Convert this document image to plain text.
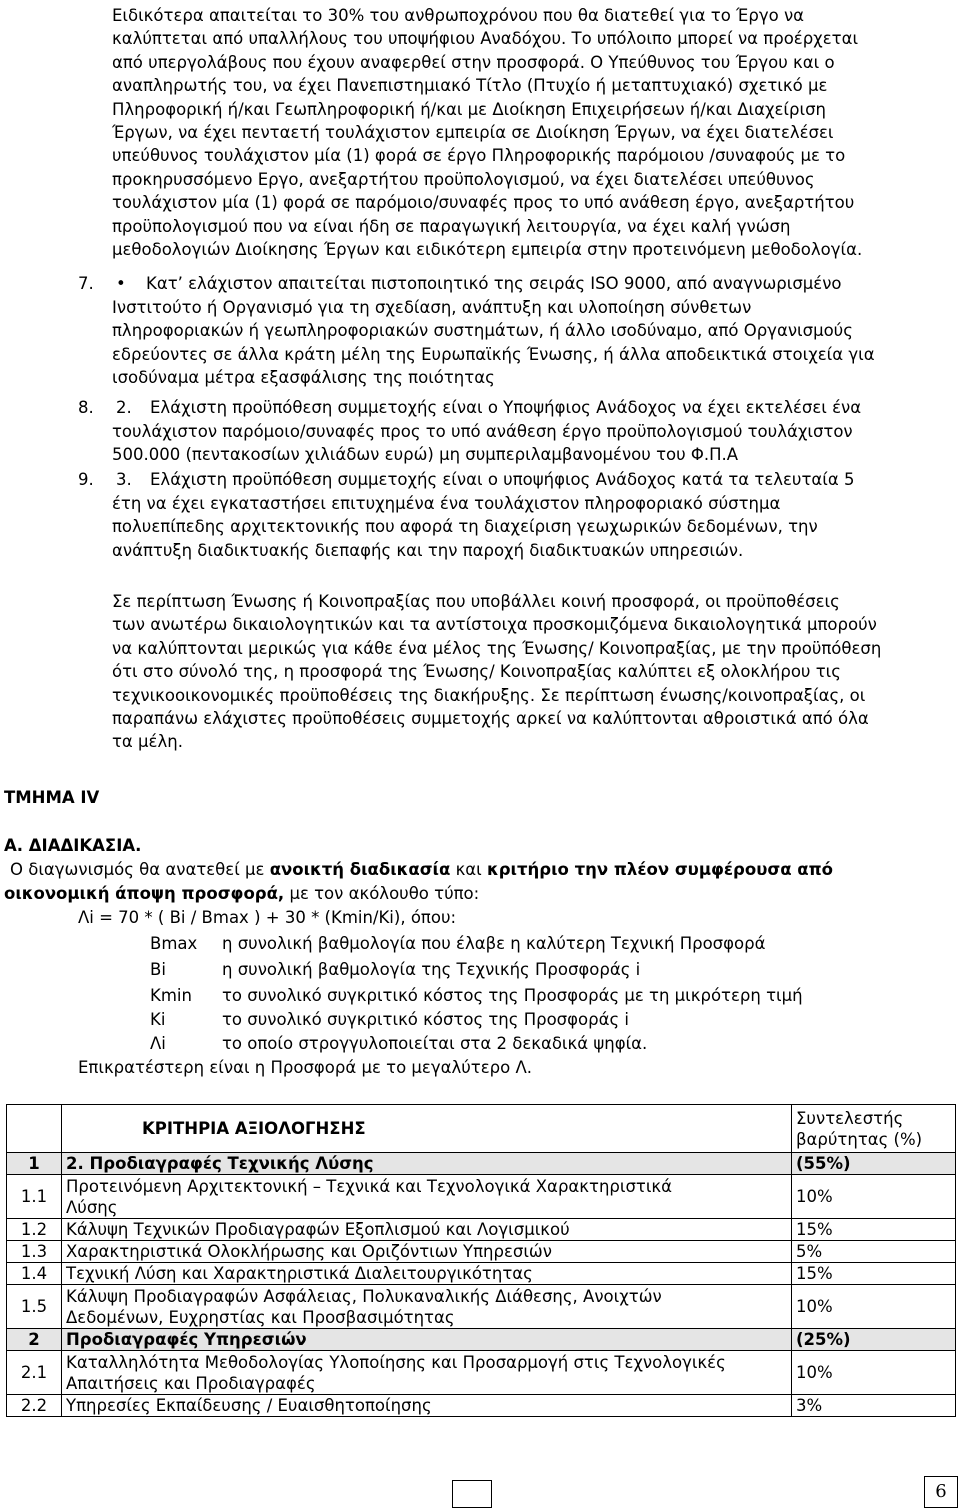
Ειδικότερα απαιτείται το 30% του ανθρωποχρόνου που θα διατεθεί για το Έργο να
καλύπτεται από υπαλλήλους του υποψήφιου Αναδόχου. Το υπόλοιπο μπορεί να προέρχεται
από υπεργολάβους που έχουν αναφερθεί στην προσφορά. Ο Υπεύθυνος του Έργου και ο
αναπληρωτής του, να έχει Πανεπιστημιακό Τίτλο (Πτυχίο ή μεταπτυχιακό) σχετικό με
Πληροφορική ή/και Γεωπληροφορική ή/και με Διοίκηση Επιχειρήσεων ή/και Διαχείριση
Έργων, να έχει πενταετή τουλάχιστον εμπειρία σε Διοίκηση Έργων, να έχει διατελέσει
υπεύθυνος τουλάχιστον μία (1) φορά σε έργο Πληροφορικής παρόμοιου /συναφούς με το
προκηρυσσόμενο Εργο, ανεξαρτήτου προϋπολογισμού, να έχει διατελέσει υπεύθυνος
τουλάχιστον μία (1) φορά σε παρόμοιο/συναφές προς το υπό ανάθεση έργο, ανεξαρτήτου
προϋπολογισμού που να είναι ήδη σε παραγωγική λειτουργία, να έχει καλή γνώση
μεθοδολογιών Διοίκησης Έργων και ειδικότερη εμπειρία στην προτεινόμενη μεθοδολογία.
7. • Κατ’ ελάχιστον απαιτείται πιστοποιητικό της σειράς ISO 9000, από αναγνωρισμένο
Ινστιτούτο ή Οργανισμό για τη σχεδίαση, ανάπτυξη και υλοποίηση σύνθετων
πληροφοριακών ή γεωπληροφοριακών συστημάτων, ή άλλο ισοδύναμο, από Οργανισμούς
εδρεύοντες σε άλλα κράτη μέλη της Ευρωπαϊκής Ένωσης, ή άλλα αποδεικτικά στοιχεία για
ισοδύναμα μέτρα εξασφάλισης της ποιότητας
8. 2. Ελάχιστη προϋπόθεση συμμετοχής είναι ο Υποψήφιος Ανάδοχος να έχει εκτελέσει ένα
τουλάχιστον παρόμοιο/συναφές προς το υπό ανάθεση έργο προϋπολογισμού τουλάχιστον
500.000 (πεντακοσίων χιλιάδων ευρώ) μη συμπεριλαμβανομένου του Φ.Π.Α
9. 3. Ελάχιστη προϋπόθεση συμμετοχής είναι ο υποψήφιος Ανάδοχος κατά τα τελευταία 5
έτη να έχει εγκαταστήσει επιτυχημένα ένα τουλάχιστον πληροφοριακό σύστημα
πολυεπίπεδης αρχιτεκτονικής που αφορά τη διαχείριση γεωχωρικών δεδομένων, την
ανάπτυξη διαδικτυακής διεπαφής και την παροχή διαδικτυακών υπηρεσιών.
Σε περίπτωση Ένωσης ή Κοινοπραξίας που υποβάλλει κοινή προσφορά, οι προϋποθέσεις
των ανωτέρω δικαιολογητικών και τα αντίστοιχα προσκομιζόμενα δικαιολογητικά μπορούν
να καλύπτονται μερικώς για κάθε ένα μέλος της Ένωσης/ Κοινοπραξίας, με την προϋπόθεση
ότι στο σύνολό της, η προσφορά της Ένωσης/ Κοινοπραξίας καλύπτει εξ ολοκλήρου τις
τεχνικοοικονομικές προϋποθέσεις της διακήρυξης. Σε περίπτωση ένωσης/κοινοπραξίας, οι
παραπάνω ελάχιστες προϋποθέσεις συμμετοχής αρκεί να καλύπτονται αθροιστικά από όλα
τα μέλη.
ΤΜΗΜΑ IV
Α. ΔΙΑΔΙΚΑΣΙΑ.
Ο διαγωνισμός θα ανατεθεί με ανοικτή διαδικασία και κριτήριο την πλέον συμφέρουσα από
οικονομική άποψη προσφορά, με τον ακόλουθο τύπο:
Λi = 70 * ( Bi / Bmax ) + 30 * (Kmin/Ki), όπου:
Bmax η συνολική βαθμολογία που έλαβε η καλύτερη Τεχνική Προσφορά
Bi	η συνολική βαθμολογία της Τεχνικής Προσφοράς i
Kmin το συνολικό συγκριτικό κόστος της Προσφοράς με τη μικρότερη τιμή
Ki	το συνολικό συγκριτικό κόστος της Προσφοράς i
Λi	το οποίο στρογγυλοποιείται στα 2 δεκαδικά ψηφία.
Επικρατέστερη είναι η Προσφορά με το μεγαλύτερο Λ.
	ΚΡΙΤΗΡΙΑ ΑΞΙΟΛΟΓΗΣΗΣ	Συντελεστής
βαρύτητας (%)

1	2. Προδιαγραφές Τεχνικής Λύσης	(55%)
1.1	Προτεινόμενη Αρχιτεκτονική – Τεχνικά και Τεχνολογικά Χαρακτηριστικά
Λύσης	10%
1.2	Κάλυψη Τεχνικών Προδιαγραφών Εξοπλισμού και Λογισμικού	15%
1.3	Χαρακτηριστικά Ολοκλήρωσης και Οριζόντιων Υπηρεσιών	5%
1.4	Τεχνική Λύση και Χαρακτηριστικά Διαλειτουργικότητας	15%
1.5	Κάλυψη Προδιαγραφών Ασφάλειας, Πολυκαναλικής Διάθεσης, Ανοιχτών
Δεδομένων, Ευχρηστίας και Προσβασιμότητας	10%
2	Προδιαγραφές Υπηρεσιών	(25%)
2.1	Καταλληλότητα Μεθοδολογίας Υλοποίησης και Προσαρμογή στις Τεχνολογικές
Απαιτήσεις και Προδιαγραφές	10%
2.2	Υπηρεσίες Εκπαίδευσης / Ευαισθητοποίησης	3%
6
